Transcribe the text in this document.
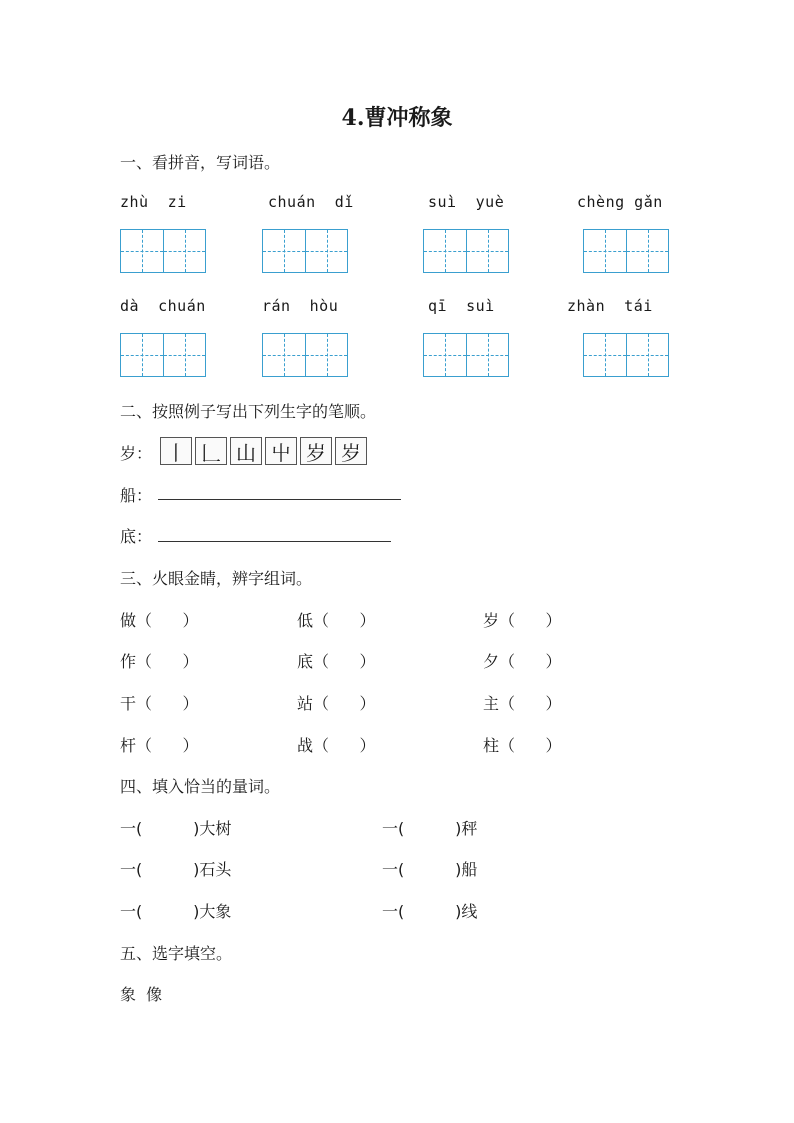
4.曹冲称象
一、看拼音，写词语。
zhù  zi	chuán  dǐ	suì  yuè	chèng gǎn
dà  chuán	rán  hòu	qī  suì	zhàn  tái
二、按照例子写出下列生字的笔顺。
岁： 丨 𠃊 山 屮 岁 岁
船：
底：
三、火眼金睛，辨字组词。
做（      ）	低（      ）	岁（      ）
作（      ）	底（      ）	夕（      ）
干（      ）	站（      ）	主（      ）
杆（      ）	战（      ）	柱（      ）
四、填入恰当的量词。
一(          )大树	一(          )秤
一(          )石头	一(          )船
一(          )大象	一(          )线
五、选字填空。
象  像
